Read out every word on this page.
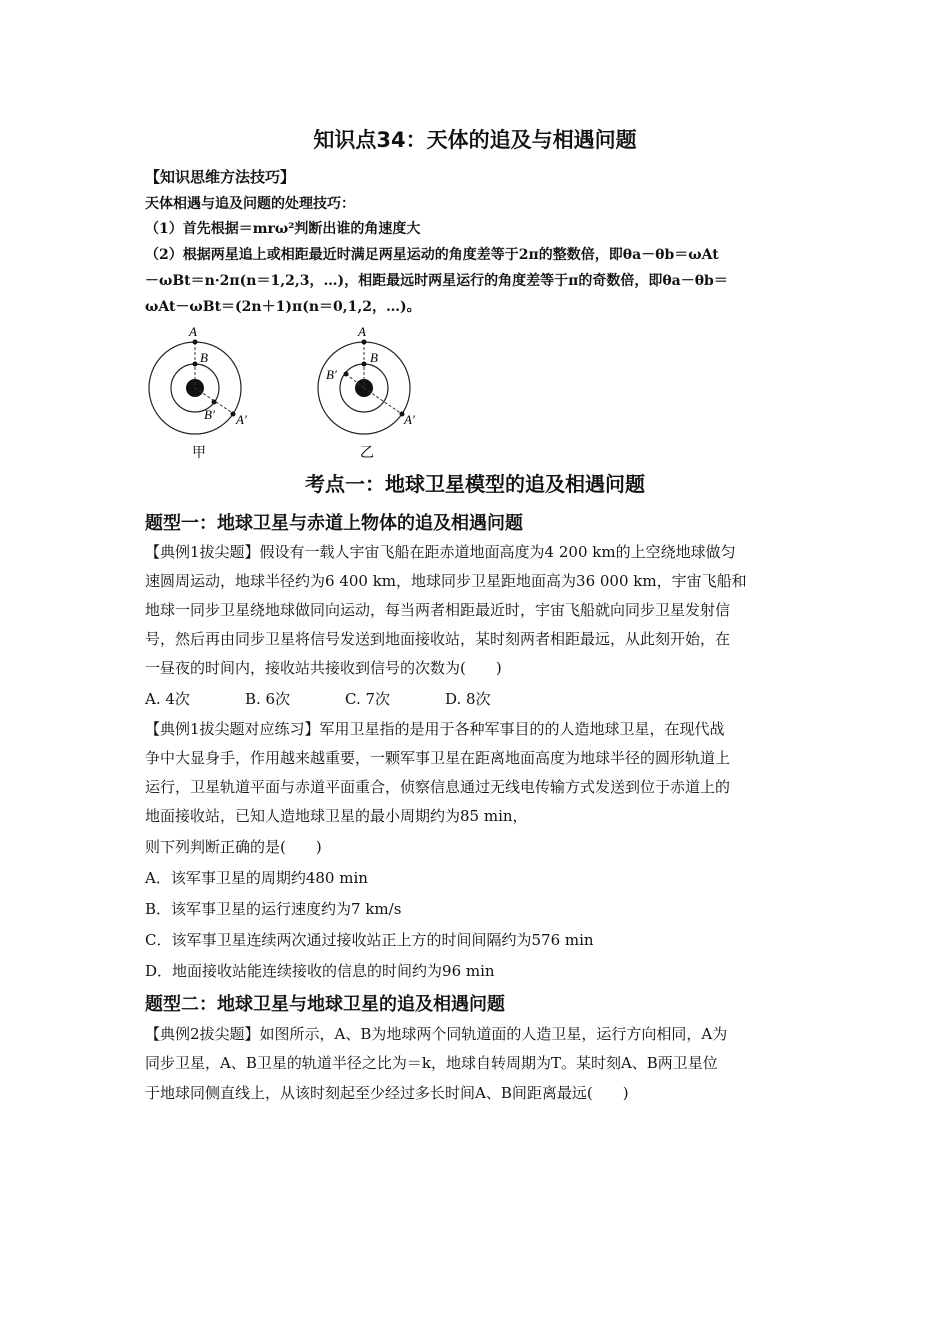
知识点34：天体的追及与相遇问题
【知识思维方法技巧】
天体相遇与追及问题的处理技巧：
（1）首先根据＝mrω²判断出谁的角速度大
（2）根据两星追上或相距最近时满足两星运动的角度差等于2π的整数倍，即θa－θb＝ωAt
－ωBt＝n·2π(n＝1,2,3，…)，相距最远时两星运行的角度差等于π的奇数倍，即θa－θb＝
ωAt－ωBt＝(2n＋1)π(n＝0,1,2，…)。
A
B
B′ A′
甲
A
B
B′
A′
乙
考点一：地球卫星模型的追及相遇问题
题型一：地球卫星与赤道上物体的追及相遇问题
【典例1拔尖题】假设有一载人宇宙飞船在距赤道地面高度为4 200 km的上空绕地球做匀
速圆周运动，地球半径约为6 400 km，地球同步卫星距地面高为36 000 km，宇宙飞船和
地球一同步卫星绕地球做同向运动，每当两者相距最近时，宇宙飞船就向同步卫星发射信
号，然后再由同步卫星将信号发送到地面接收站，某时刻两者相距最远，从此刻开始，在
一昼夜的时间内，接收站共接收到信号的次数为(　　)
A. 4次	B. 6次	C. 7次	D. 8次
【典例1拔尖题对应练习】军用卫星指的是用于各种军事目的的人造地球卫星，在现代战
争中大显身手，作用越来越重要，一颗军事卫星在距离地面高度为地球半径的圆形轨道上
运行，卫星轨道平面与赤道平面重合，侦察信息通过无线电传输方式发送到位于赤道上的
地面接收站，已知人造地球卫星的最小周期约为85 min，
则下列判断正确的是(　　)
A．该军事卫星的周期约480 min
B．该军事卫星的运行速度约为7 km/s
C．该军事卫星连续两次通过接收站正上方的时间间隔约为576 min
D．地面接收站能连续接收的信息的时间约为96 min
题型二：地球卫星与地球卫星的追及相遇问题
【典例2拔尖题】如图所示，A、B为地球两个同轨道面的人造卫星，运行方向相同，A为
同步卫星，A、B卫星的轨道半径之比为＝k，地球自转周期为T。某时刻A、B两卫星位
于地球同侧直线上，从该时刻起至少经过多长时间A、B间距离最远(　　)
